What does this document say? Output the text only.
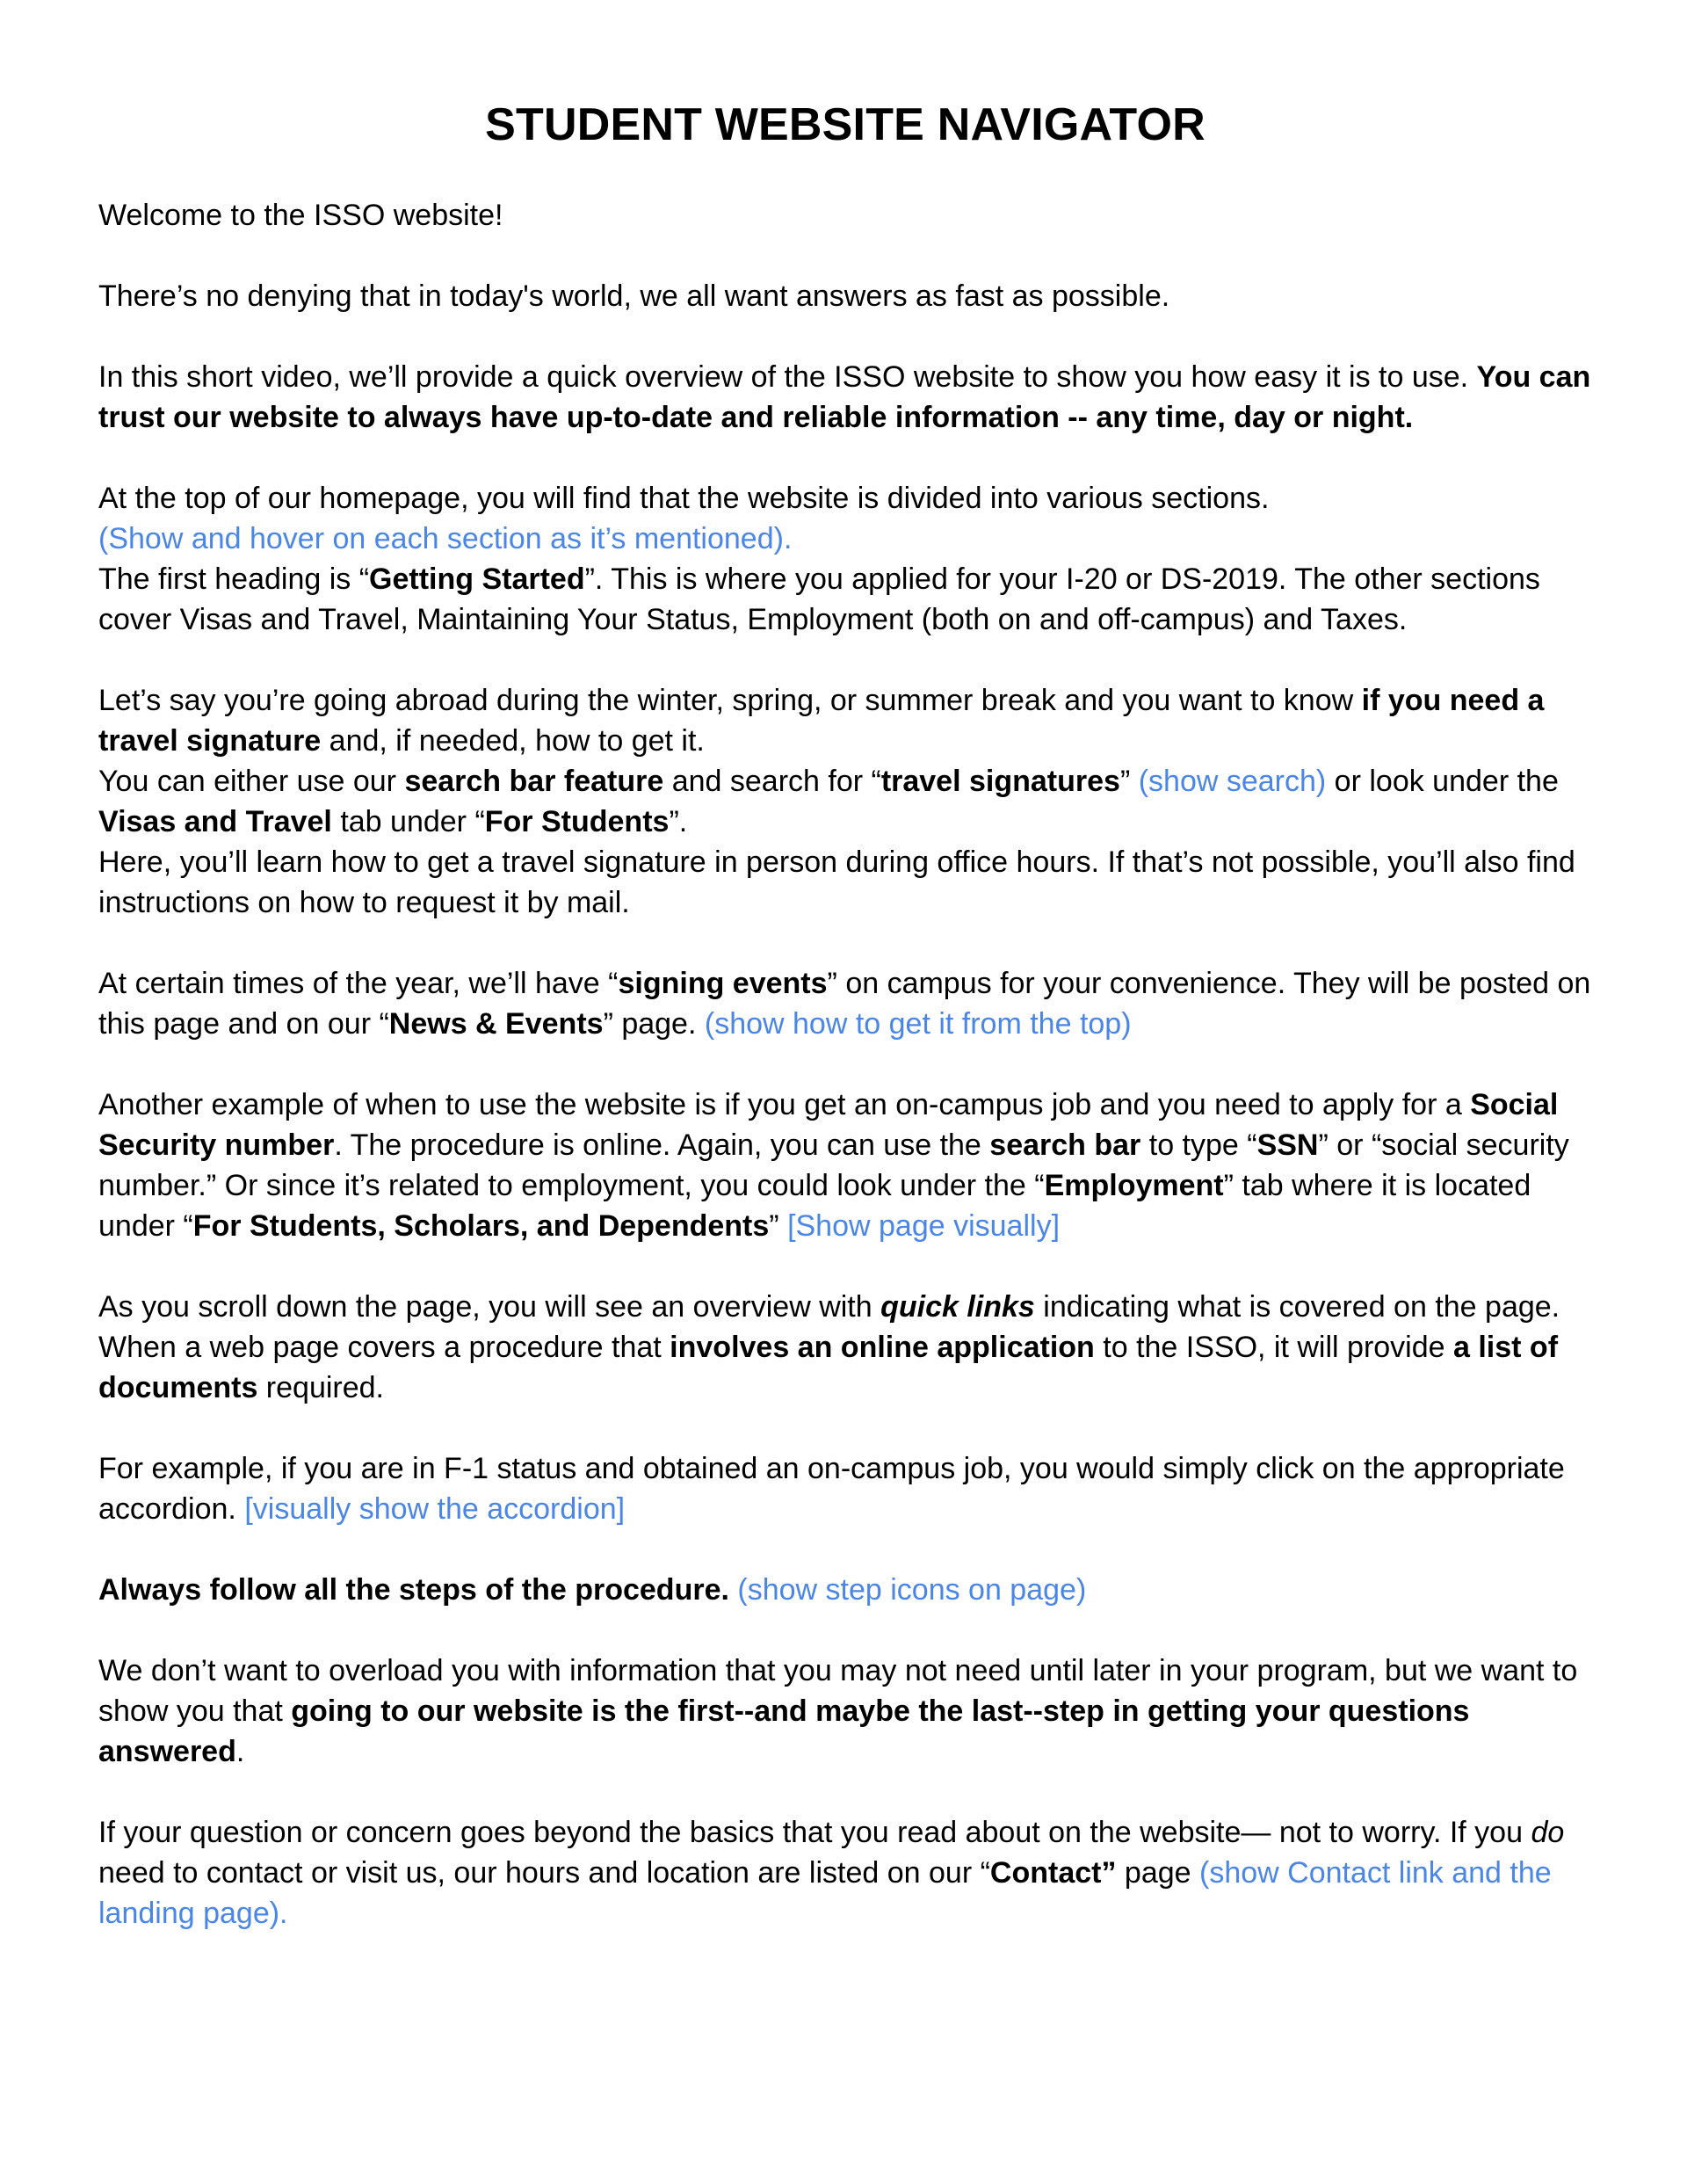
STUDENT WEBSITE NAVIGATOR

Welcome to the ISSO website!

There’s no denying that in today's world, we all want answers as fast as possible.

In this short video, we’ll provide a quick overview of the ISSO website to show you how easy it is to use. You can trust our website to always have up-to-date and reliable information -- any time, day or night.

At the top of our homepage, you will find that the website is divided into various sections.
(Show and hover on each section as it’s mentioned).
The first heading is “Getting Started”. This is where you applied for your I-20 or DS-2019. The other sections cover Visas and Travel, Maintaining Your Status, Employment (both on and off-campus) and Taxes.

Let’s say you’re going abroad during the winter, spring, or summer break and you want to know if you need a travel signature and, if needed, how to get it.
You can either use our search bar feature and search for “travel signatures” (show search) or look under the Visas and Travel tab under “For Students”.
Here, you’ll learn how to get a travel signature in person during office hours. If that’s not possible, you’ll also find instructions on how to request it by mail.

At certain times of the year, we’ll have “signing events” on campus for your convenience. They will be posted on this page and on our “News & Events” page. (show how to get it from the top)

Another example of when to use the website is if you get an on-campus job and you need to apply for a Social Security number. The procedure is online. Again, you can use the search bar to type “SSN” or “social security number.” Or since it’s related to employment, you could look under the “Employment” tab where it is located under “For Students, Scholars, and Dependents” [Show page visually]

As you scroll down the page, you will see an overview with quick links indicating what is covered on the page. When a web page covers a procedure that involves an online application to the ISSO, it will provide a list of documents required.

For example, if you are in F-1 status and obtained an on-campus job, you would simply click on the appropriate accordion. [visually show the accordion]

Always follow all the steps of the procedure. (show step icons on page)

We don’t want to overload you with information that you may not need until later in your program, but we want to show you that going to our website is the first--and maybe the last--step in getting your questions answered.

If your question or concern goes beyond the basics that you read about on the website— not to worry. If you do need to contact or visit us, our hours and location are listed on our “Contact” page (show Contact link and the landing page).
